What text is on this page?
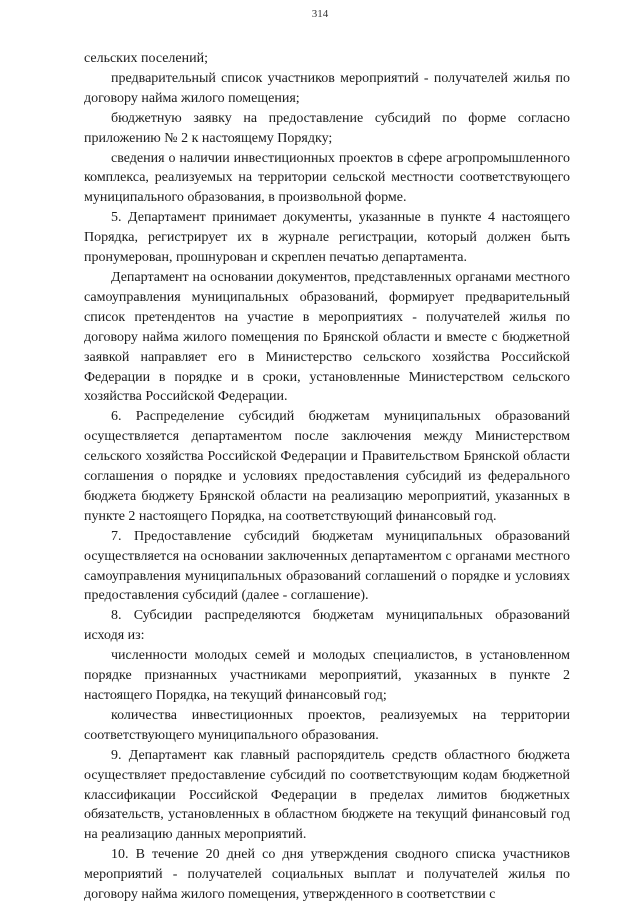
314

сельских поселений;

предварительный список участников мероприятий - получателей жилья по договору найма жилого помещения;

бюджетную заявку на предоставление субсидий по форме согласно приложению № 2 к настоящему Порядку;

сведения о наличии инвестиционных проектов в сфере агропромышленного комплекса, реализуемых на территории сельской местности соответствующего муниципального образования, в произвольной форме.

5. Департамент принимает документы, указанные в пункте 4 настоящего Порядка, регистрирует их в журнале регистрации, который должен быть пронумерован, прошнурован и скреплен печатью департамента.

Департамент на основании документов, представленных органами местного самоуправления муниципальных образований, формирует предварительный список претендентов на участие в мероприятиях - получателей жилья по договору найма жилого помещения по Брянской области и вместе с бюджетной заявкой направляет его в Министерство сельского хозяйства Российской Федерации в порядке и в сроки, установленные Министерством сельского хозяйства Российской Федерации.

6. Распределение субсидий бюджетам муниципальных образований осуществляется департаментом после заключения между Министерством сельского хозяйства Российской Федерации и Правительством Брянской области соглашения о порядке и условиях предоставления субсидий из федерального бюджета бюджету Брянской области на реализацию мероприятий, указанных в пункте 2 настоящего Порядка, на соответствующий финансовый год.

7. Предоставление субсидий бюджетам муниципальных образований осуществляется на основании заключенных департаментом с органами местного самоуправления муниципальных образований соглашений о порядке и условиях предоставления субсидий (далее - соглашение).

8. Субсидии распределяются бюджетам муниципальных образований исходя из:

численности молодых семей и молодых специалистов, в установленном порядке признанных участниками мероприятий, указанных в пункте 2 настоящего Порядка, на текущий финансовый год;

количества инвестиционных проектов, реализуемых на территории соответствующего муниципального образования.

9. Департамент как главный распорядитель средств областного бюджета осуществляет предоставление субсидий по соответствующим кодам бюджетной классификации Российской Федерации в пределах лимитов бюджетных обязательств, установленных в областном бюджете на текущий финансовый год на реализацию данных мероприятий.

10. В течение 20 дней со дня утверждения сводного списка участников мероприятий - получателей социальных выплат и получателей жилья по договору найма жилого помещения, утвержденного в соответствии с
